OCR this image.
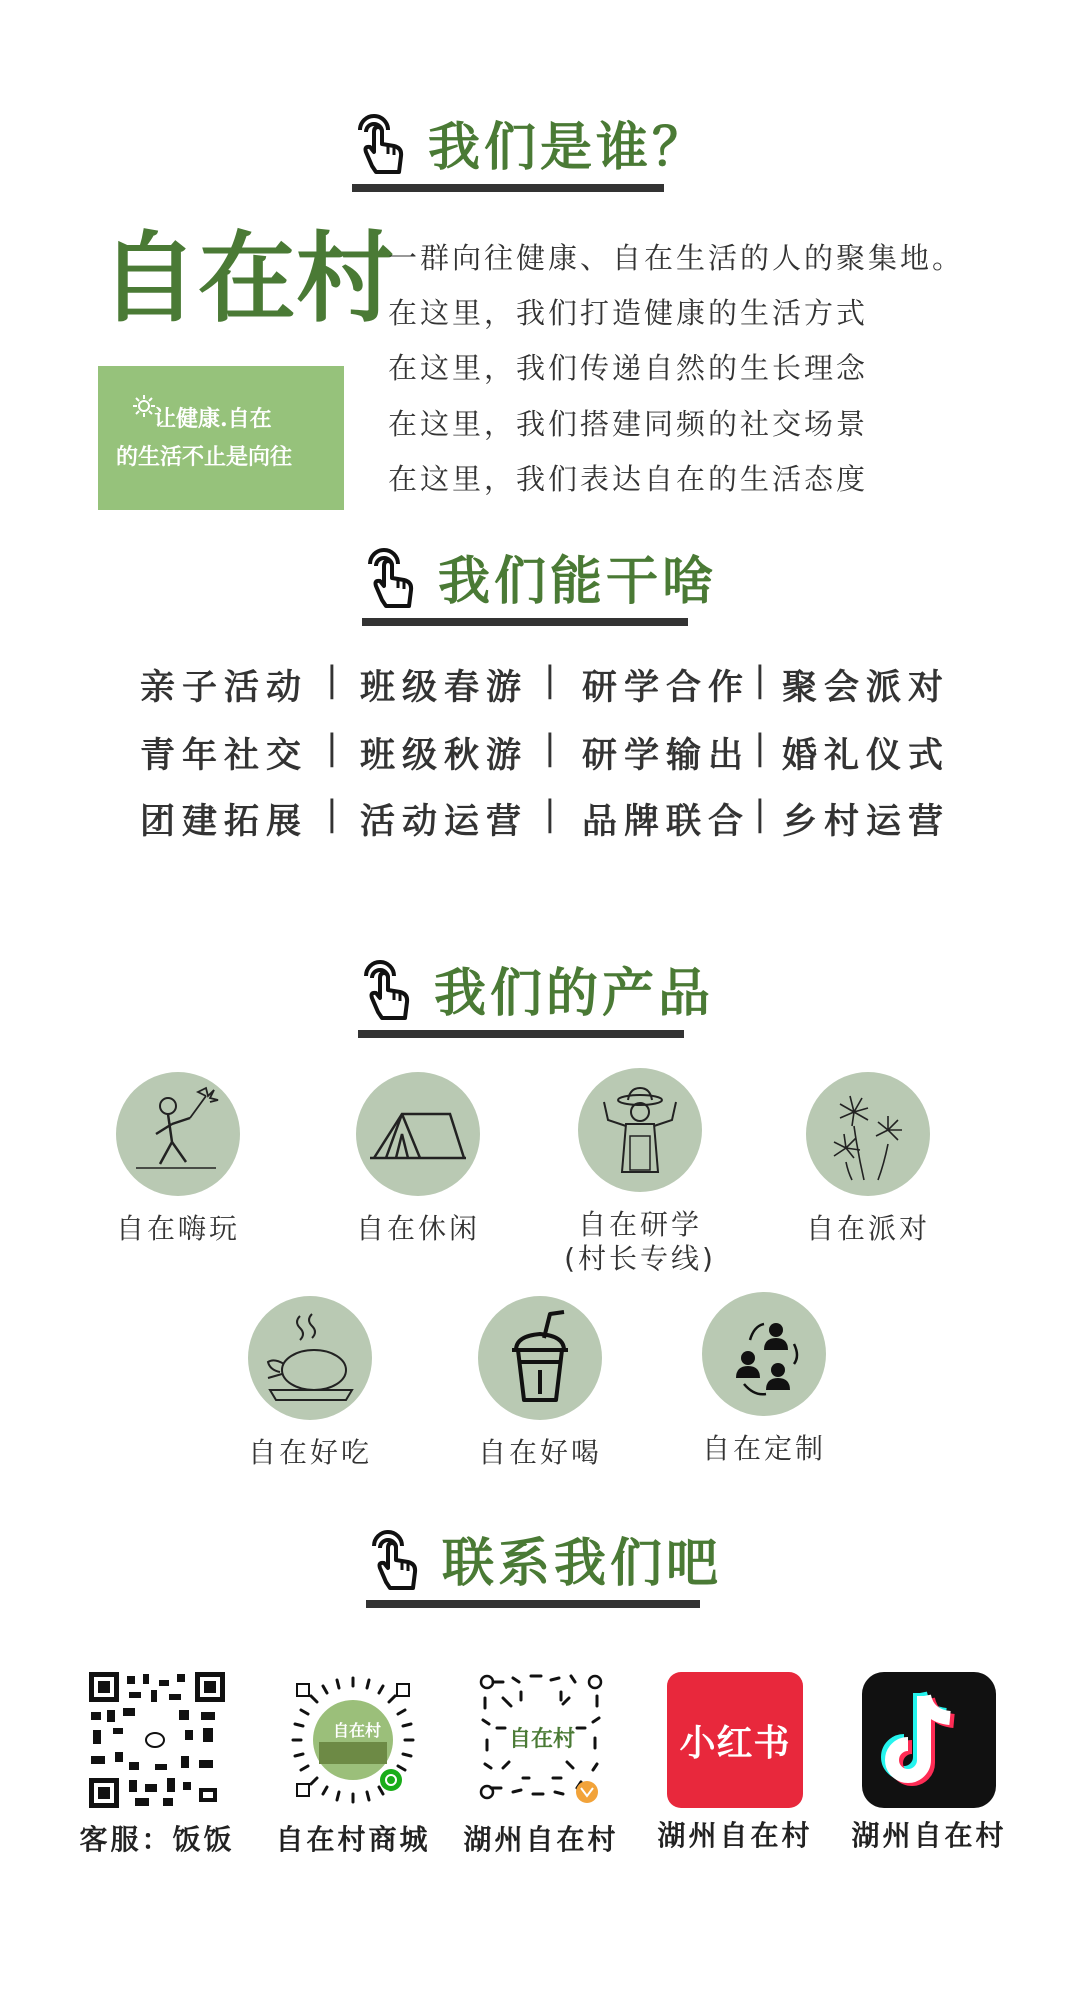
我们是谁？
自在村
让健康.自在
的生活不止是向往
一群向往健康、自在生活的人的聚集地。
在这里，我们打造健康的生活方式
在这里，我们传递自然的生长理念
在这里，我们搭建同频的社交场景
在这里，我们表达自在的生活态度
我们能干啥
亲子活动 | 班级春游 | 研学合作 | 聚会派对
青年社交 | 班级秋游 | 研学输出 | 婚礼仪式
团建拓展 | 活动运营 | 品牌联合 | 乡村运营
我们的产品
自在嗨玩	自在休闲	自在研学
(村长专线)
自在派对
自在好吃	自在好喝	自在定制
联系我们吧
客服：饭饭
自在村
自在村商城
自在村
湖州自在村
小红书
湖州自在村	湖州自在村
